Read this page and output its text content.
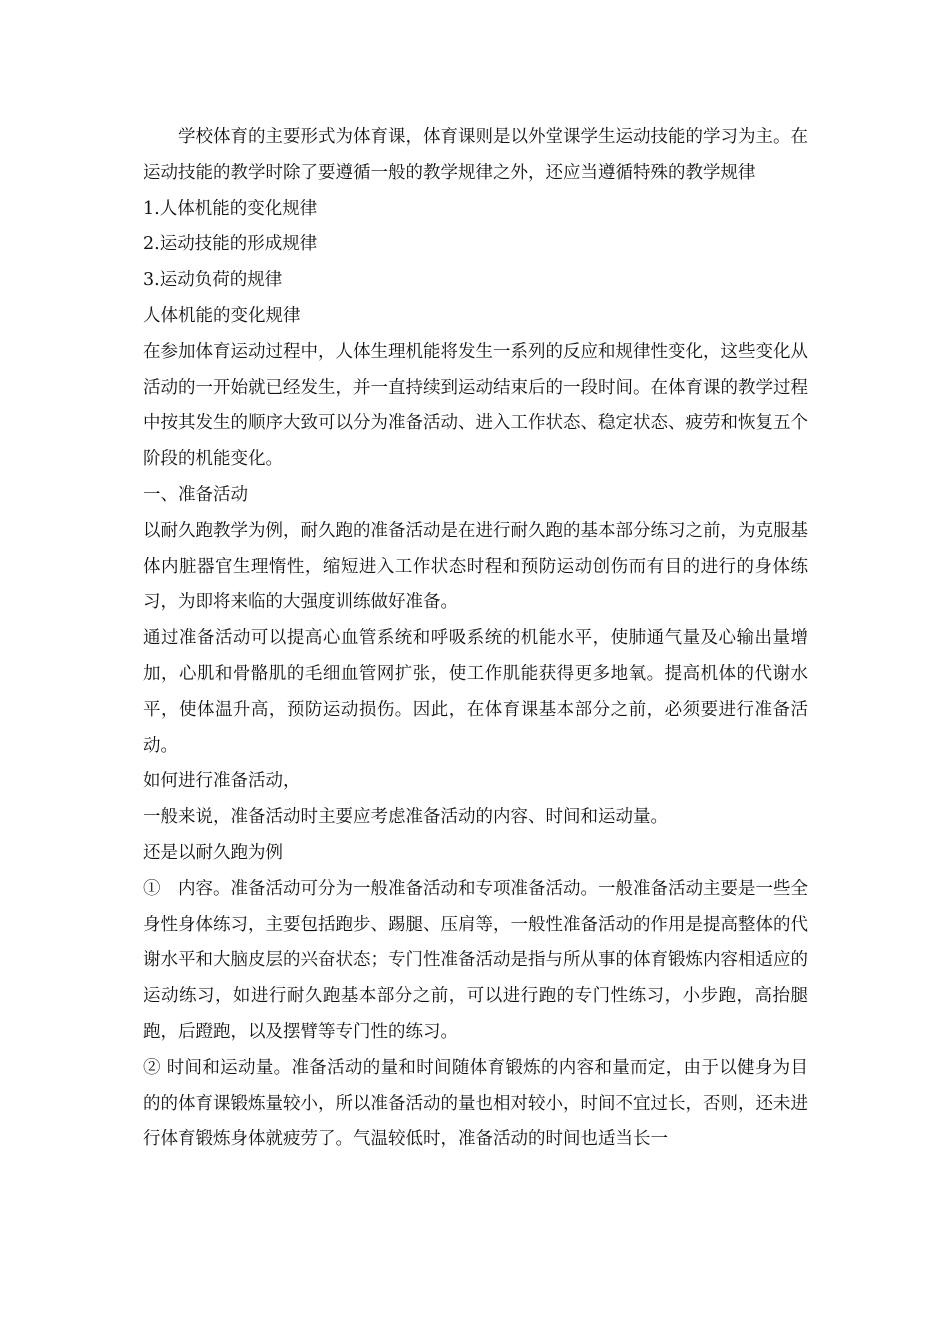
学校体育的主要形式为体育课，体育课则是以外堂课学生运动技能的学习为主。在运动技能的教学时除了要遵循一般的教学规律之外，还应当遵循特殊的教学规律

1.人体机能的变化规律

2.运动技能的形成规律

3.运动负荷的规律

人体机能的变化规律

在参加体育运动过程中，人体生理机能将发生一系列的反应和规律性变化，这些变化从活动的一开始就已经发生，并一直持续到运动结束后的一段时间。在体育课的教学过程中按其发生的顺序大致可以分为准备活动、进入工作状态、稳定状态、疲劳和恢复五个阶段的机能变化。

一、准备活动

以耐久跑教学为例，耐久跑的准备活动是在进行耐久跑的基本部分练习之前，为克服基体内脏器官生理惰性，缩短进入工作状态时程和预防运动创伤而有目的进行的身体练习，为即将来临的大强度训练做好准备。

通过准备活动可以提高心血管系统和呼吸系统的机能水平，使肺通气量及心输出量增加，心肌和骨骼肌的毛细血管网扩张，使工作肌能获得更多地氧。提高机体的代谢水平，使体温升高，预防运动损伤。因此，在体育课基本部分之前，必须要进行准备活动。

如何进行准备活动，

一般来说，准备活动时主要应考虑准备活动的内容、时间和运动量。

还是以耐久跑为例

①　内容。准备活动可分为一般准备活动和专项准备活动。一般准备活动主要是一些全身性身体练习，主要包括跑步、踢腿、压肩等，一般性准备活动的作用是提高整体的代谢水平和大脑皮层的兴奋状态；专门性准备活动是指与所从事的体育锻炼内容相适应的运动练习，如进行耐久跑基本部分之前，可以进行跑的专门性练习，小步跑，高抬腿跑，后蹬跑，以及摆臂等专门性的练习。

② 时间和运动量。准备活动的量和时间随体育锻炼的内容和量而定，由于以健身为目的的体育课锻炼量较小，所以准备活动的量也相对较小，时间不宜过长，否则，还未进行体育锻炼身体就疲劳了。气温较低时，准备活动的时间也适当长一
